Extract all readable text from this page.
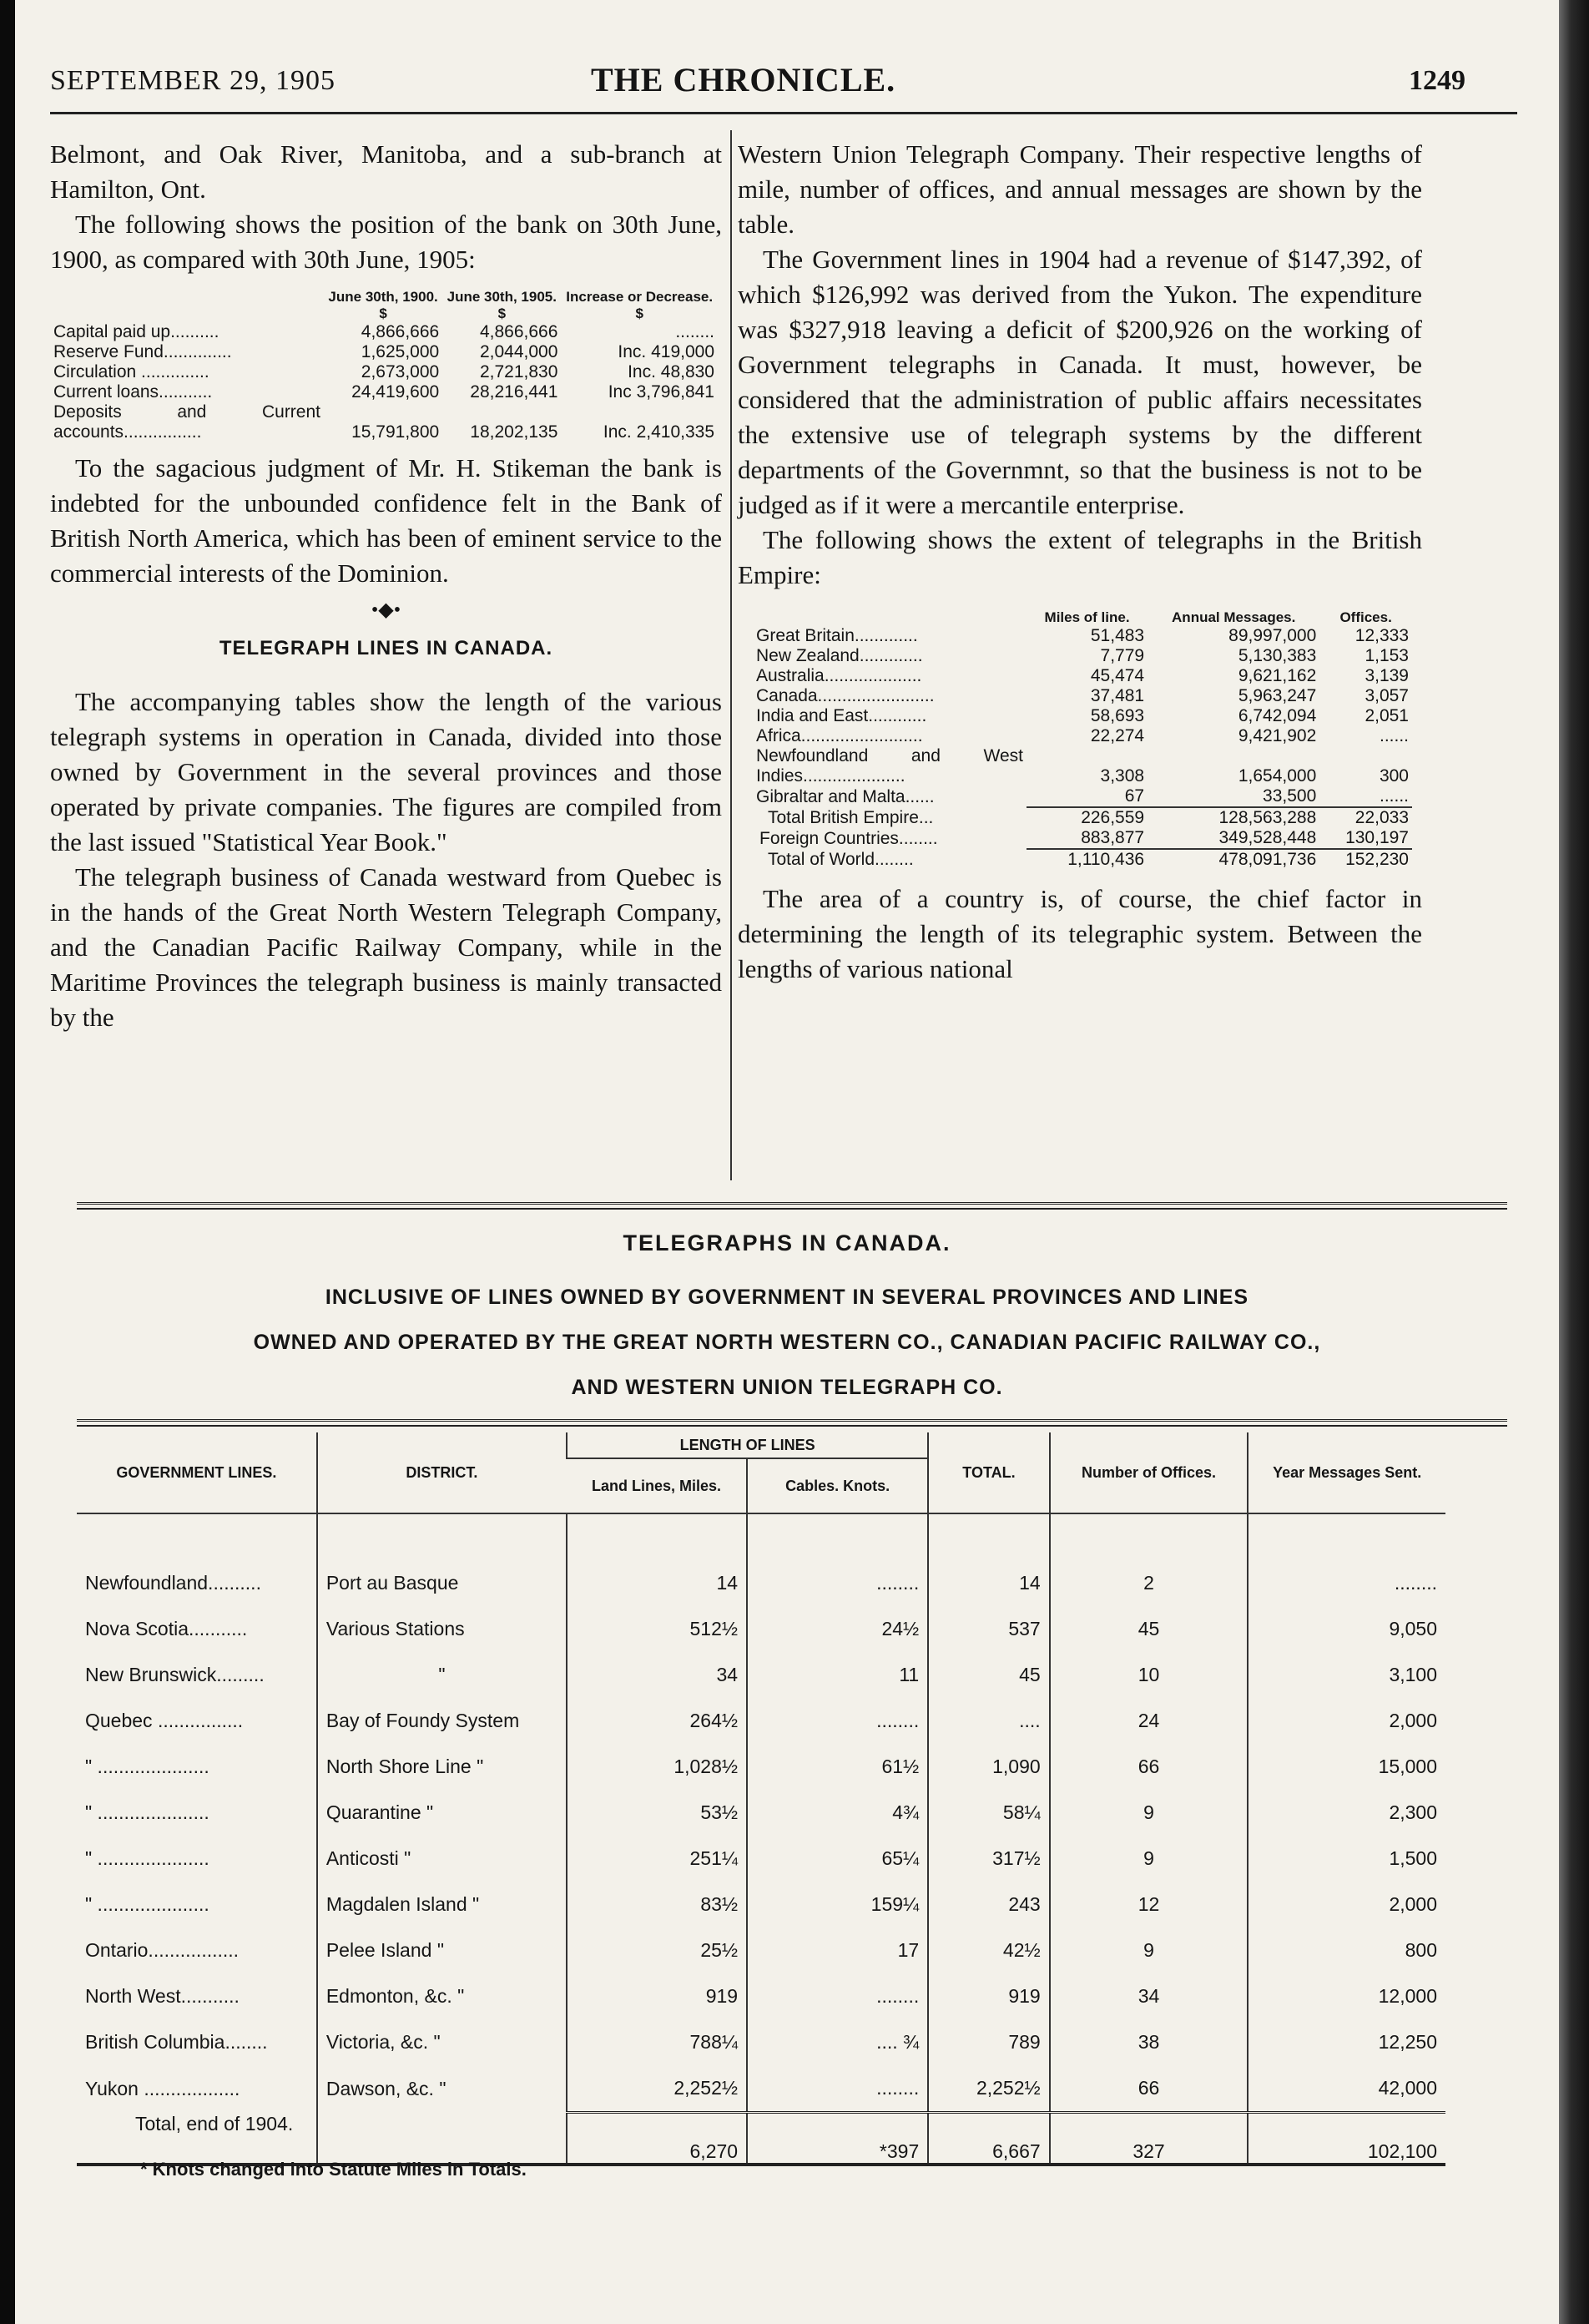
SEPTEMBER 29, 1905	THE CHRONICLE.	1249

Belmont, and Oak River, Manitoba, and a sub-branch at Hamilton, Ont.

The following shows the position of the bank on 30th June, 1900, as compared with 30th June, 1905:

	June 30th, 1900.	June 30th, 1905.	Increase or Decrease.
	$	$	$
Capital paid up..........	4,866,666	4,866,666	........
Reserve Fund..............	1,625,000	2,044,000	Inc. 419,000
Circulation ..............	2,673,000	2,721,830	Inc. 48,830
Current loans...........	24,419,600	28,216,441	Inc 3,796,841
Deposits and Current accounts................	15,791,800	18,202,135	Inc. 2,410,335

To the sagacious judgment of Mr. H. Stikeman the bank is indebted for the unbounded confidence felt in the Bank of British North America, which has been of eminent service to the commercial interests of the Dominion.

•◆•
TELEGRAPH LINES IN CANADA.

The accompanying tables show the length of the various telegraph systems in operation in Canada, divided into those owned by Government in the several provinces and those operated by private companies. The figures are compiled from the last issued "Statistical Year Book."

The telegraph business of Canada westward from Quebec is in the hands of the Great North Western Telegraph Company, and the Canadian Pacific Railway Company, while in the Maritime Provinces the telegraph business is mainly transacted by the

Western Union Telegraph Company. Their respective lengths of mile, number of offices, and annual messages are shown by the table.

The Government lines in 1904 had a revenue of $147,392, of which $126,992 was derived from the Yukon. The expenditure was $327,918 leaving a deficit of $200,926 on the working of Government telegraphs in Canada. It must, however, be considered that the administration of public affairs necessitates the extensive use of telegraph systems by the different departments of the Governmnt, so that the business is not to be judged as if it were a mercantile enterprise.

The following shows the extent of telegraphs in the British Empire:

	Miles of line.	Annual Messages.	Offices.
Great Britain.............	51,483	89,997,000	12,333
New Zealand.............	7,779	5,130,383	1,153
Australia....................	45,474	9,621,162	3,139
Canada........................	37,481	5,963,247	3,057
India and East............	58,693	6,742,094	2,051
Africa.........................	22,274	9,421,902	......
Newfoundland and West Indies.....................	3,308	1,654,000	300
Gibraltar and Malta......	67	33,500	......

Total British Empire...	226,559	128,563,288	22,033
Foreign Countries........	883,877	349,528,448	130,197

Total of World........	1,110,436	478,091,736	152,230

The area of a country is, of course, the chief factor in determining the length of its telegraphic system. Between the lengths of various national

TELEGRAPHS IN CANADA.
INCLUSIVE OF LINES OWNED BY GOVERNMENT IN SEVERAL PROVINCES AND LINES
OWNED AND OPERATED BY THE GREAT NORTH WESTERN CO., CANADIAN PACIFIC RAILWAY CO.,
AND WESTERN UNION TELEGRAPH CO.
GOVERNMENT LINES.	DISTRICT.	LENGTH OF LINES		TOTAL.	Number of Offices.	Year Messages Sent.
		Land Lines, Miles.	Cables. Knots.			

Newfoundland..........	Port au Basque	14	........	14	2	........
Nova Scotia...........	Various Stations	512½	24½	537	45	9,050
New Brunswick.........	"	34	11	45	10	3,100
Quebec ................	Bay of Foundy System	264½	........	....	24	2,000
" .....................	North Shore Line "	1,028½	61½	1,090	66	15,000
" .....................	Quarantine "	53½	4¾	58¼	9	2,300
" .....................	Anticosti "	251¼	65¼	317½	9	1,500
" .....................	Magdalen Island "	83½	159¼	243	12	2,000
Ontario.................	Pelee Island "	25½	17	42½	9	800
North West...........	Edmonton, &c. "	919	........	919	34	12,000
British Columbia........	Victoria, &c. "	788¼	.... ¾	789	38	12,250
Yukon ..................	Dawson, &c. "	2,252½	........	2,252½	66	42,000
Total, end of 1904.		6,270	*397	6,667	327	102,100
* Knots changed into Statute Miles in Totals.
